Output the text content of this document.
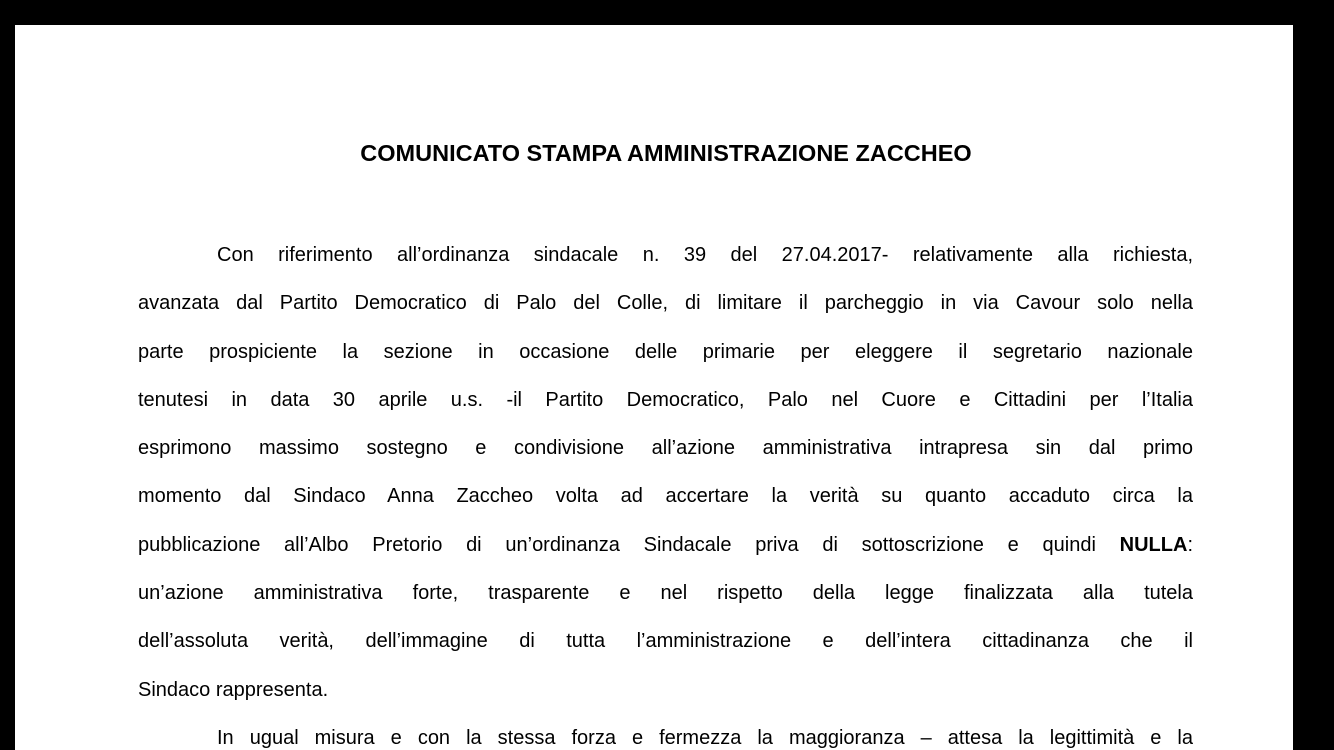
COMUNICATO STAMPA AMMINISTRAZIONE ZACCHEO
Con riferimento all’ordinanza sindacale n. 39 del 27.04.2017- relativamente alla richiesta,
avanzata dal Partito Democratico di Palo del Colle, di limitare il parcheggio in via Cavour solo nella
parte prospiciente la sezione in occasione delle primarie per eleggere il segretario nazionale
tenutesi in data 30 aprile u.s. -il Partito Democratico, Palo nel Cuore e Cittadini per l’Italia
esprimono massimo sostegno e condivisione all’azione amministrativa intrapresa sin dal primo
momento dal Sindaco Anna Zaccheo volta ad accertare la verità su quanto accaduto circa la
pubblicazione all’Albo Pretorio di un’ordinanza Sindacale priva di sottoscrizione e quindi NULLA:
un’azione amministrativa forte, trasparente e nel rispetto della legge finalizzata alla tutela
dell’assoluta verità, dell’immagine di tutta l’amministrazione e dell’intera cittadinanza che il
Sindaco rappresenta.
In ugual misura e con la stessa forza e fermezza la maggioranza – attesa la legittimità e la
